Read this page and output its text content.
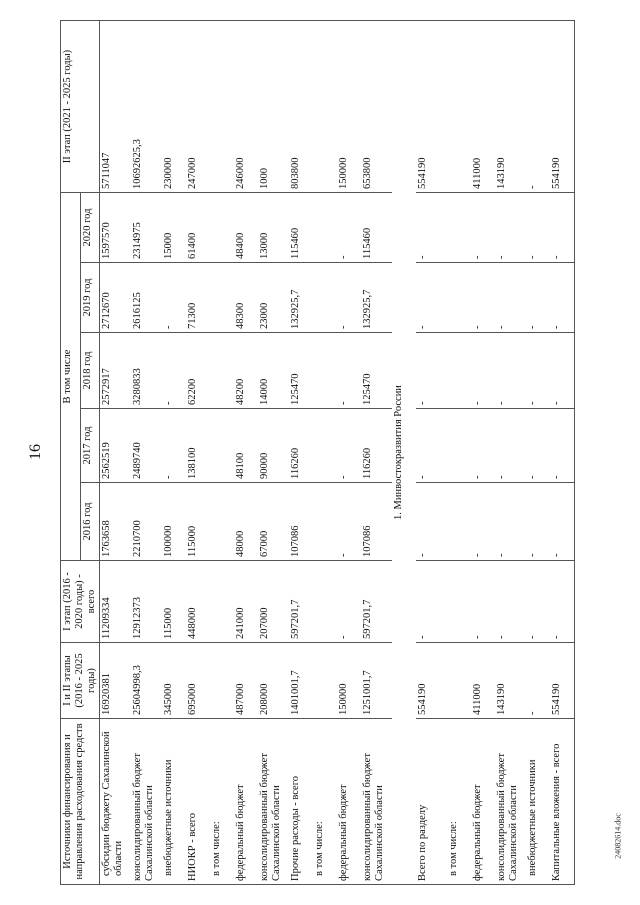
16
24082614.doc
Источники финансирования и направления расходования средств	I и II этапы (2016 - 2025 годы)	I этап (2016 - 2020 годы) - всего	В том числе					II этап (2021 - 2025 годы)
			2016 год	2017 год	2018 год	2019 год	2020 год	
субсидии бюджету Сахалинской области	16920381	11209334	1763658	2562519	2572917	2712670	1597570	5711047
консолидированный бюджет Сахалинской области	25604998,3	12912373	2210700	2489740	3280833	2616125	2314975	10692625,3
внебюджетные источники	345000	115000	100000	-	-	-	15000	230000
НИОКР - всего	695000	448000	115000	138100	62200	71300	61400	247000
в том числе:								
федеральный бюджет	487000	241000	48000	48100	48200	48300	48400	246000
консолидированный бюджет Сахалинской области	208000	207000	67000	90000	14000	23000	13000	1000
Прочие расходы - всего	1401001,7	597201,7	107086	116260	125470	132925,7	115460	803800
в том числе:								
федеральный бюджет	150000	-	-	-	-	-	-	150000
консолидированный бюджет Сахалинской области	1251001,7	597201,7	107086	116260	125470	132925,7	115460	653800
1. Минвостокразвития России								
Всего по разделу	554190	-	-	-	-	-	-	554190
в том числе:								
федеральный бюджет	411000	-	-	-	-	-	-	411000
консолидированный бюджет Сахалинской области	143190	-	-	-	-	-	-	143190
внебюджетные источники	-	-	-	-	-	-	-	-
Капитальные вложения - всего	554190	-	-	-	-	-	-	554190
